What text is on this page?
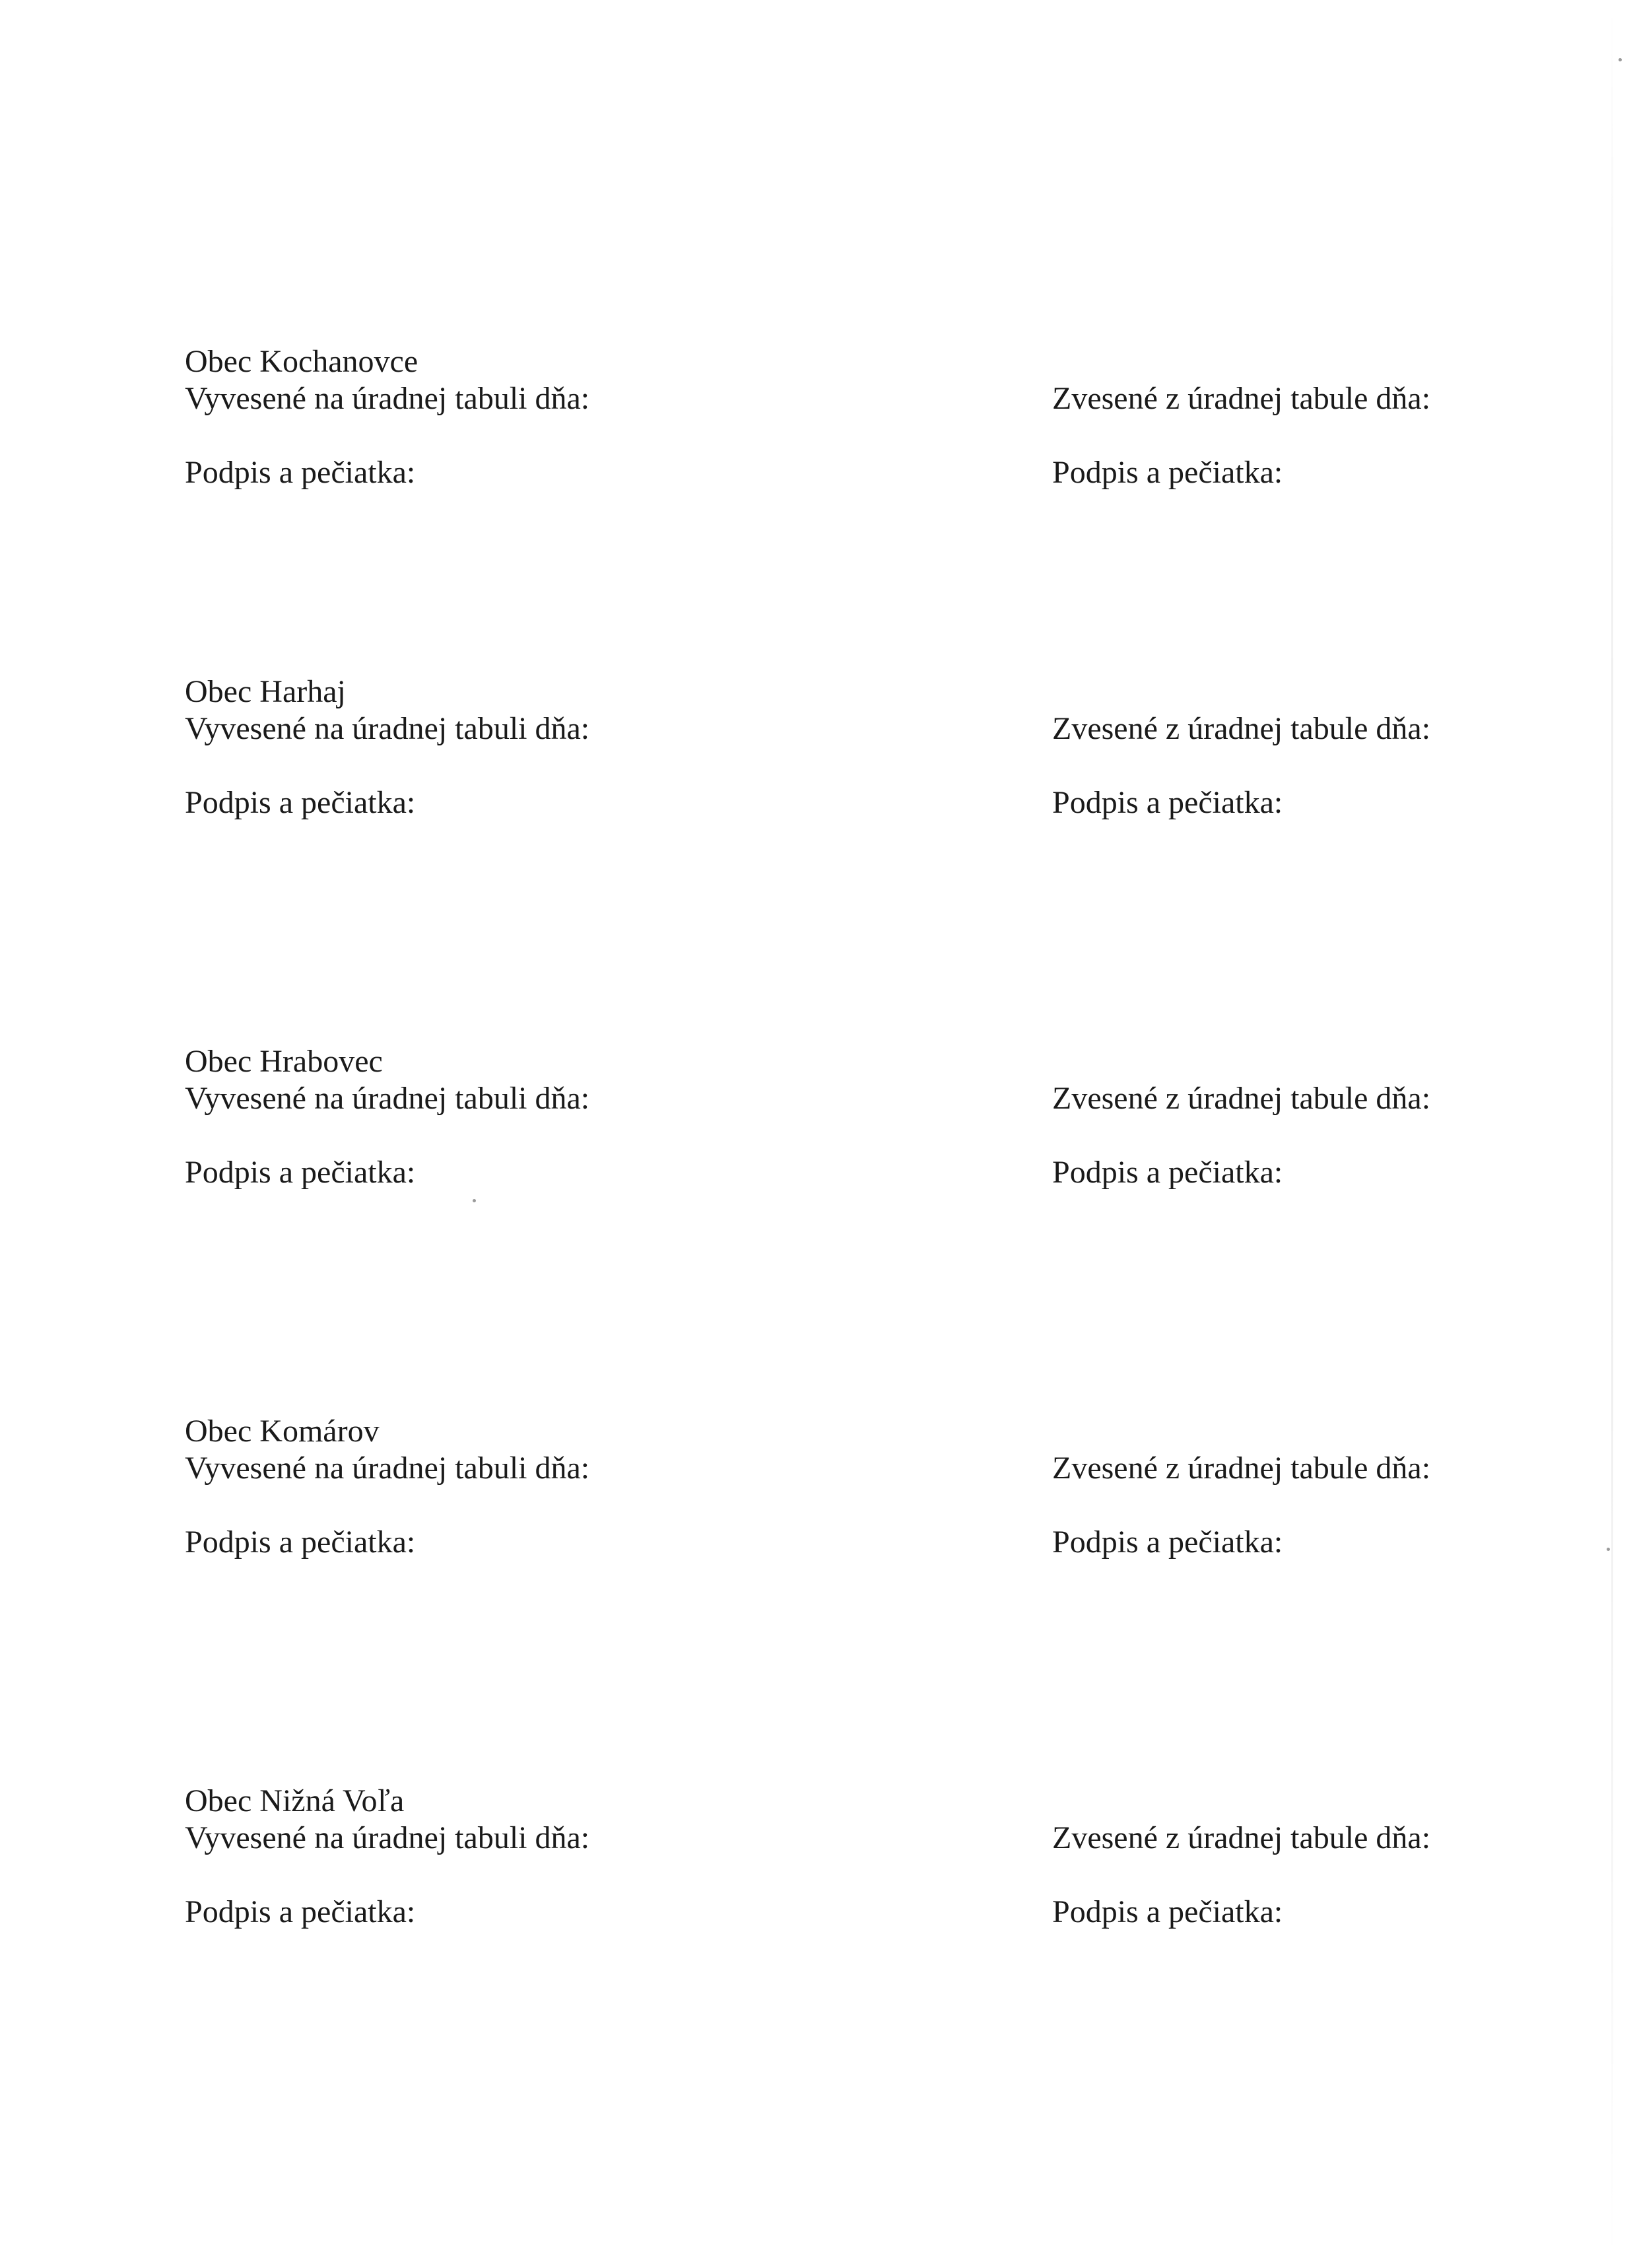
Obec Kochanovce
Vyvesené na úradnej tabuli dňa:	Zvesené z úradnej tabule dňa:
Podpis a pečiatka:	Podpis a pečiatka:
Obec Harhaj
Vyvesené na úradnej tabuli dňa:	Zvesené z úradnej tabule dňa:
Podpis a pečiatka:	Podpis a pečiatka:
Obec Hrabovec
Vyvesené na úradnej tabuli dňa:	Zvesené z úradnej tabule dňa:
Podpis a pečiatka:	Podpis a pečiatka:
Obec Komárov
Vyvesené na úradnej tabuli dňa:	Zvesené z úradnej tabule dňa:
Podpis a pečiatka:	Podpis a pečiatka:
Obec Nižná Voľa
Vyvesené na úradnej tabuli dňa:	Zvesené z úradnej tabule dňa:
Podpis a pečiatka:	Podpis a pečiatka:
